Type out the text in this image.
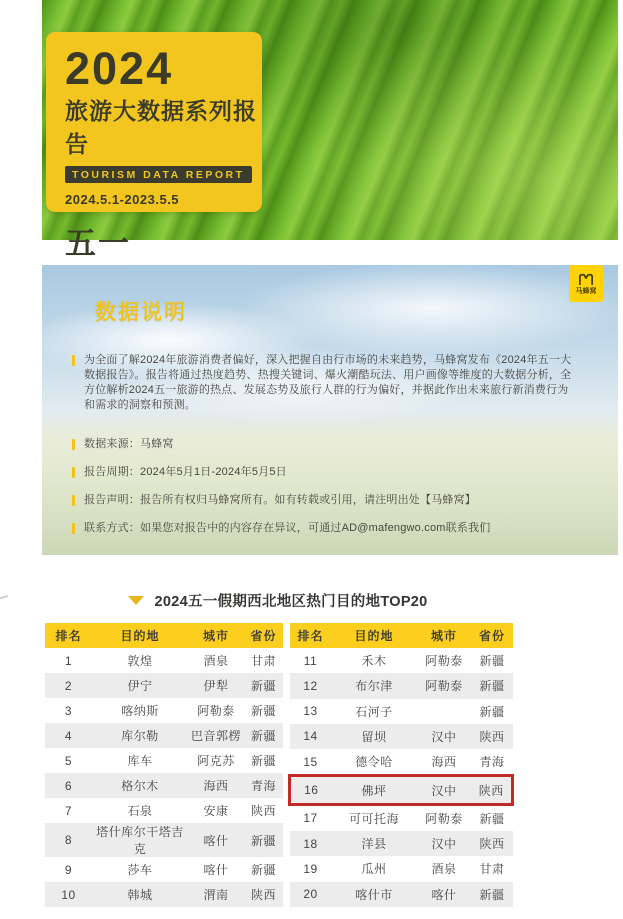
2024
旅游大数据系列报告
TOURISM DATA REPORT
2024.5.1-2023.5.5
五一
马蜂窝
数据说明
为全面了解2024年旅游消费者偏好，深入把握自由行市场的未来趋势，马蜂窝发布《2024年五一大数据报告》。报告将通过热度趋势、热搜关键词、爆火潮酷玩法、用户画像等维度的大数据分析，全方位解析2024五一旅游的热点、发展态势及旅行人群的行为偏好，并据此作出未来旅行新消费行为和需求的洞察和预测。
数据来源：马蜂窝
报告周期：2024年5月1日-2024年5月5日
报告声明：报告所有权归马蜂窝所有。如有转载或引用，请注明出处【马蜂窝】
联系方式：如果您对报告中的内容存在异议，可通过AD@mafengwo.com联系我们
2024五一假期西北地区热门目的地TOP20
排名	目的地	城市	省份
1	敦煌	酒泉	甘肃
2	伊宁	伊犁	新疆
3	喀纳斯	阿勒泰	新疆
4	库尔勒	巴音郭楞	新疆
5	库车	阿克苏	新疆
6	格尔木	海西	青海
7	石泉	安康	陕西
8	塔什库尔干塔吉克	喀什	新疆
9	莎车	喀什	新疆
10	韩城	渭南	陕西
排名	目的地	城市	省份
11	禾木	阿勒泰	新疆
12	布尔津	阿勒泰	新疆
13	石河子		新疆
14	留坝	汉中	陕西
15	德令哈	海西	青海
16	佛坪	汉中	陕西
17	可可托海	阿勒泰	新疆
18	洋县	汉中	陕西
19	瓜州	酒泉	甘肃
20	喀什市	喀什	新疆
